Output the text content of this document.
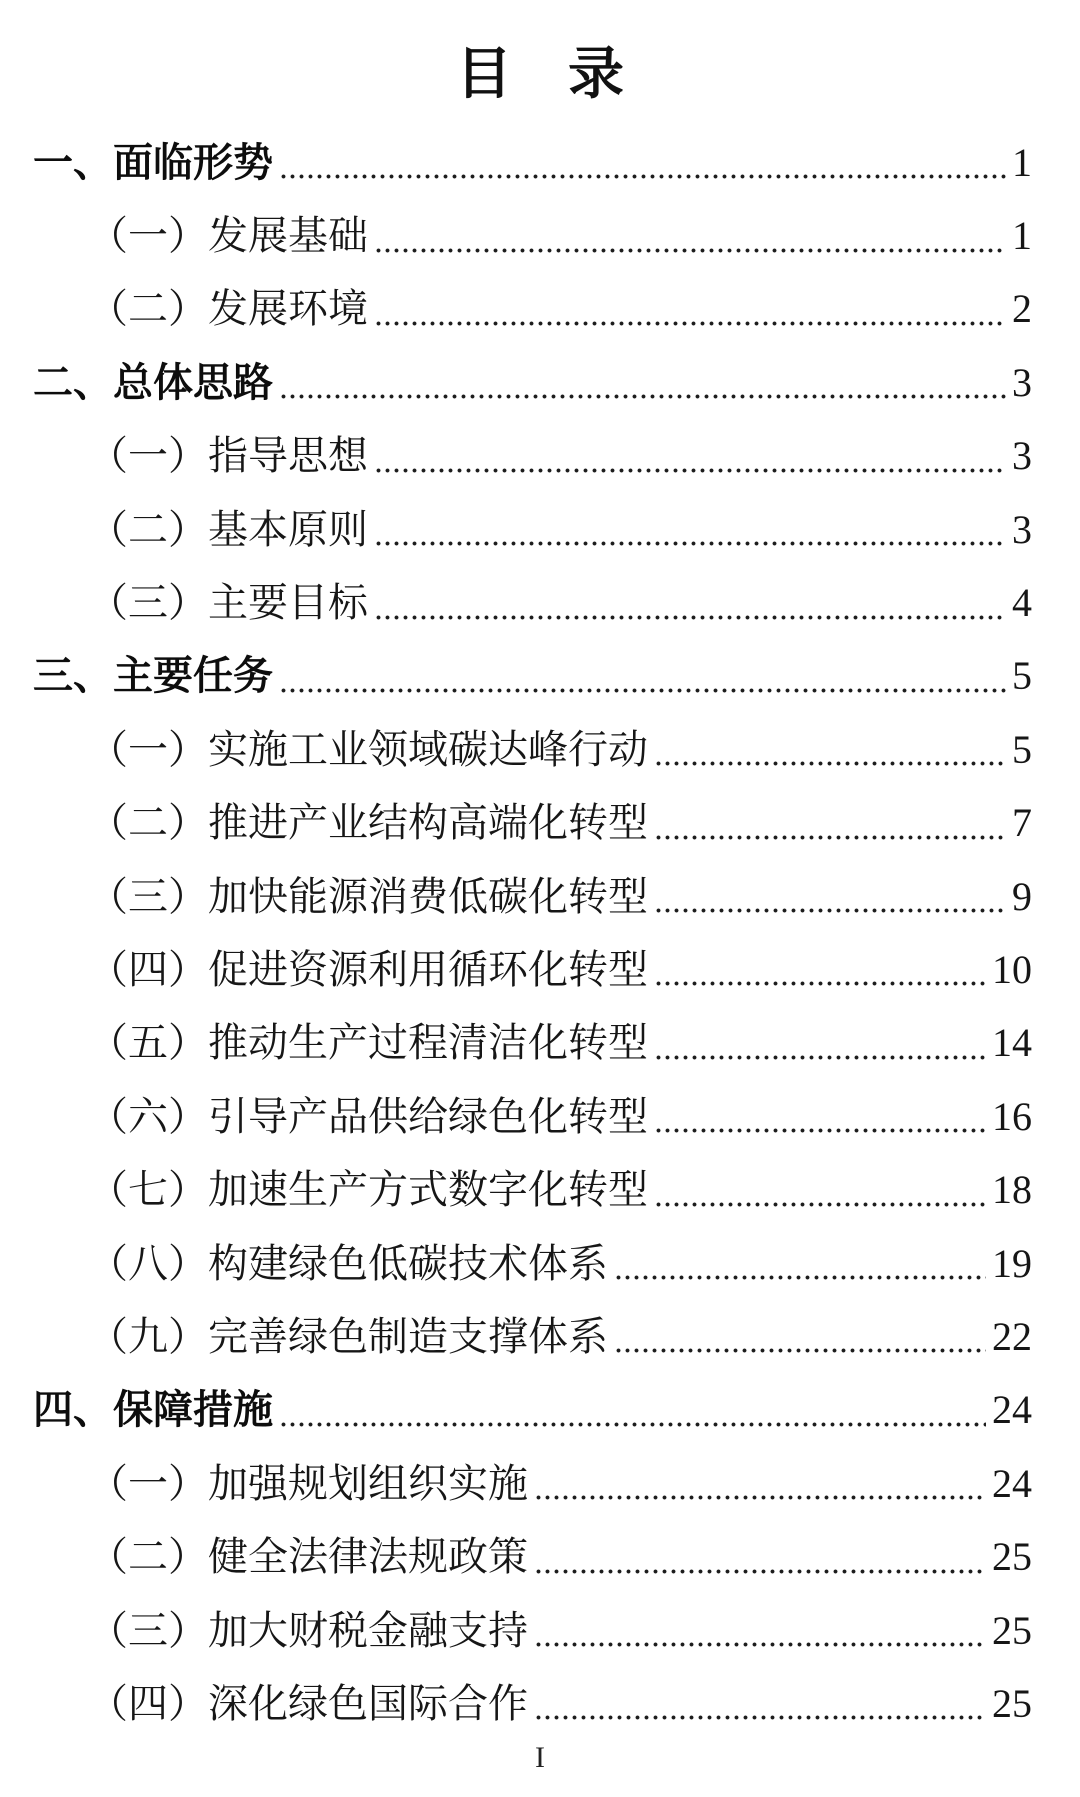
目　录
一、面临形势	1
（一）发展基础	1
（二）发展环境	2
二、总体思路	3
（一）指导思想	3
（二）基本原则	3
（三）主要目标	4
三、主要任务	5
（一）实施工业领域碳达峰行动	5
（二）推进产业结构高端化转型	7
（三）加快能源消费低碳化转型	9
（四）促进资源利用循环化转型	10
（五）推动生产过程清洁化转型	14
（六）引导产品供给绿色化转型	16
（七）加速生产方式数字化转型	18
（八）构建绿色低碳技术体系	19
（九）完善绿色制造支撑体系	22
四、保障措施	24
（一）加强规划组织实施	24
（二）健全法律法规政策	25
（三）加大财税金融支持	25
（四）深化绿色国际合作	25
I
